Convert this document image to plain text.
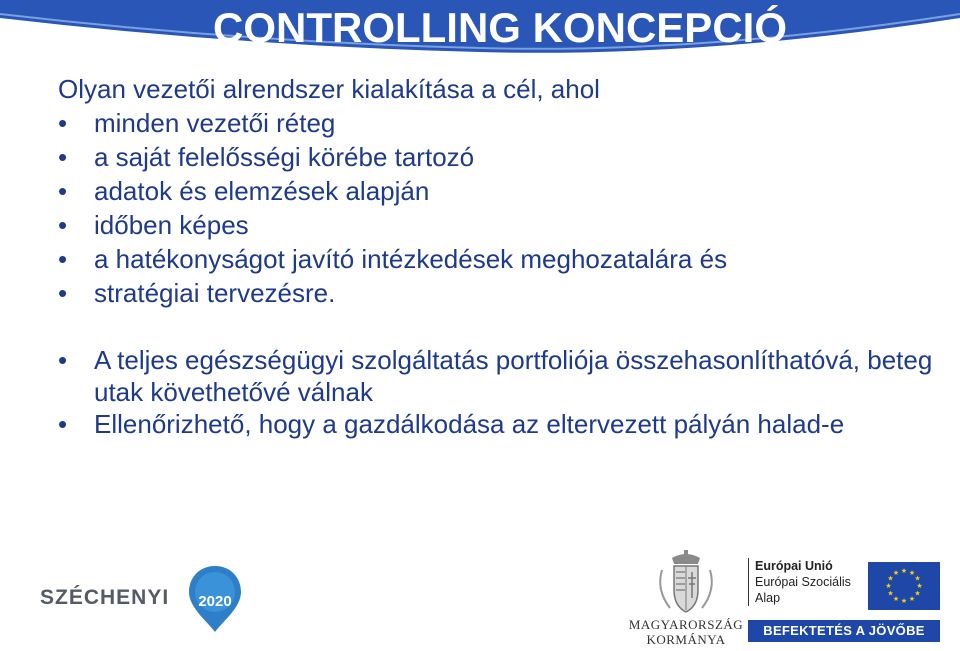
CONTROLLING KONCEPCIÓ
Olyan vezetői alrendszer kialakítása a cél, ahol
• minden vezetői réteg
• a saját felelősségi körébe tartozó
• adatok és elemzések alapján
• időben képes
• a hatékonyságot javító intézkedések meghozatalára és
• stratégiai tervezésre.
• A teljes egészségügyi szolgáltatás portfoliója összehasonlíthatóvá, beteg utak követhetővé válnak
• Ellenőrizhető, hogy a gazdálkodása az eltervezett pályán halad-e
SZÉCHENYI	2020
MAGYARORSZÁG
KORMÁNYA
Európai Unió
Európai Szociális
Alap
★ ★
★
★
★
★
★
★
★
★
★
★
BEFEKTETÉS A JÖVŐBE
